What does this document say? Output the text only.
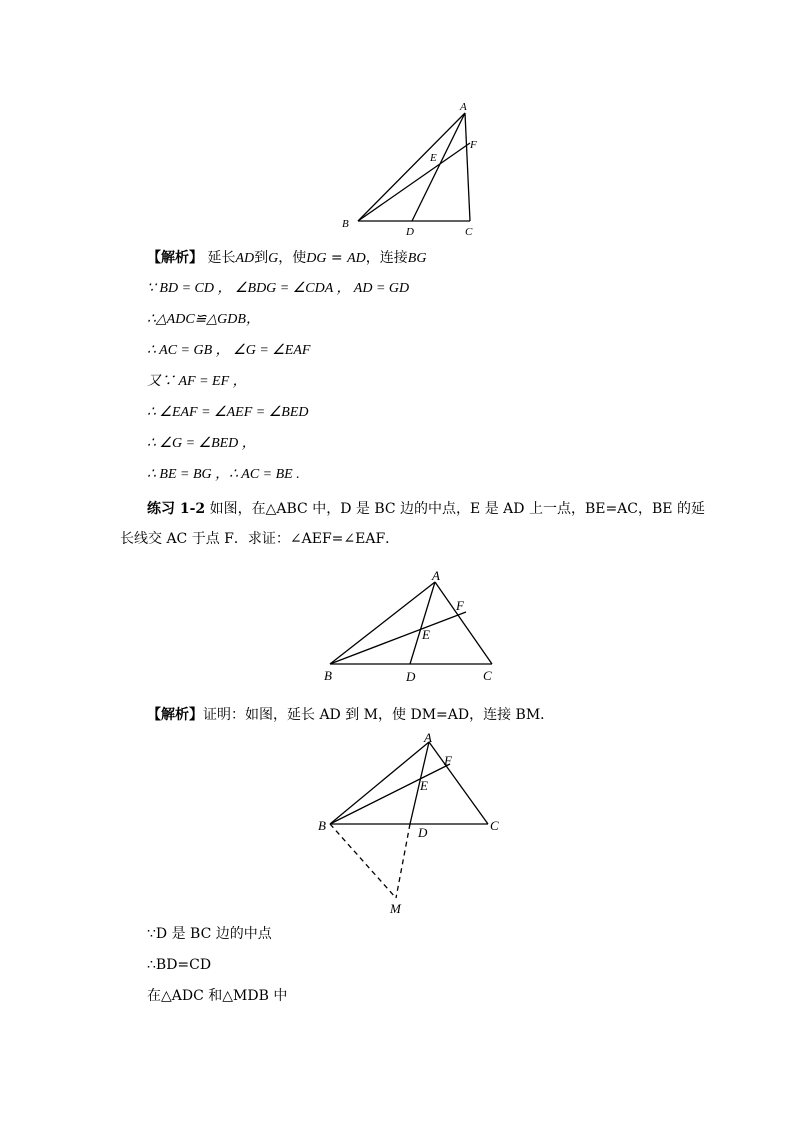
A
B
C
D
E
F
【解析】 延长AD到G，使DG = AD，连接BG
∵ BD = CD ， ∠BDG = ∠CDA ， AD = GD
∴△ADC≌△GDB，
∴ AC = GB ， ∠G = ∠EAF
又∵ AF = EF ，
∴ ∠EAF = ∠AEF = ∠BED
∴ ∠G = ∠BED ，
∴ BE = BG ，∴ AC = BE .
练习 1-2 如图，在△ABC 中，D 是 BC 边的中点，E 是 AD 上一点，BE=AC，BE 的延
长线交 AC 于点 F．求证：∠AEF=∠EAF．
A
B	C
D
E
F
【解析】证明：如图，延长 AD 到 M，使 DM=AD，连接 BM．
A
B	C
D
E
F
M
∵D 是 BC 边的中点
∴BD=CD
在△ADC 和△MDB 中
